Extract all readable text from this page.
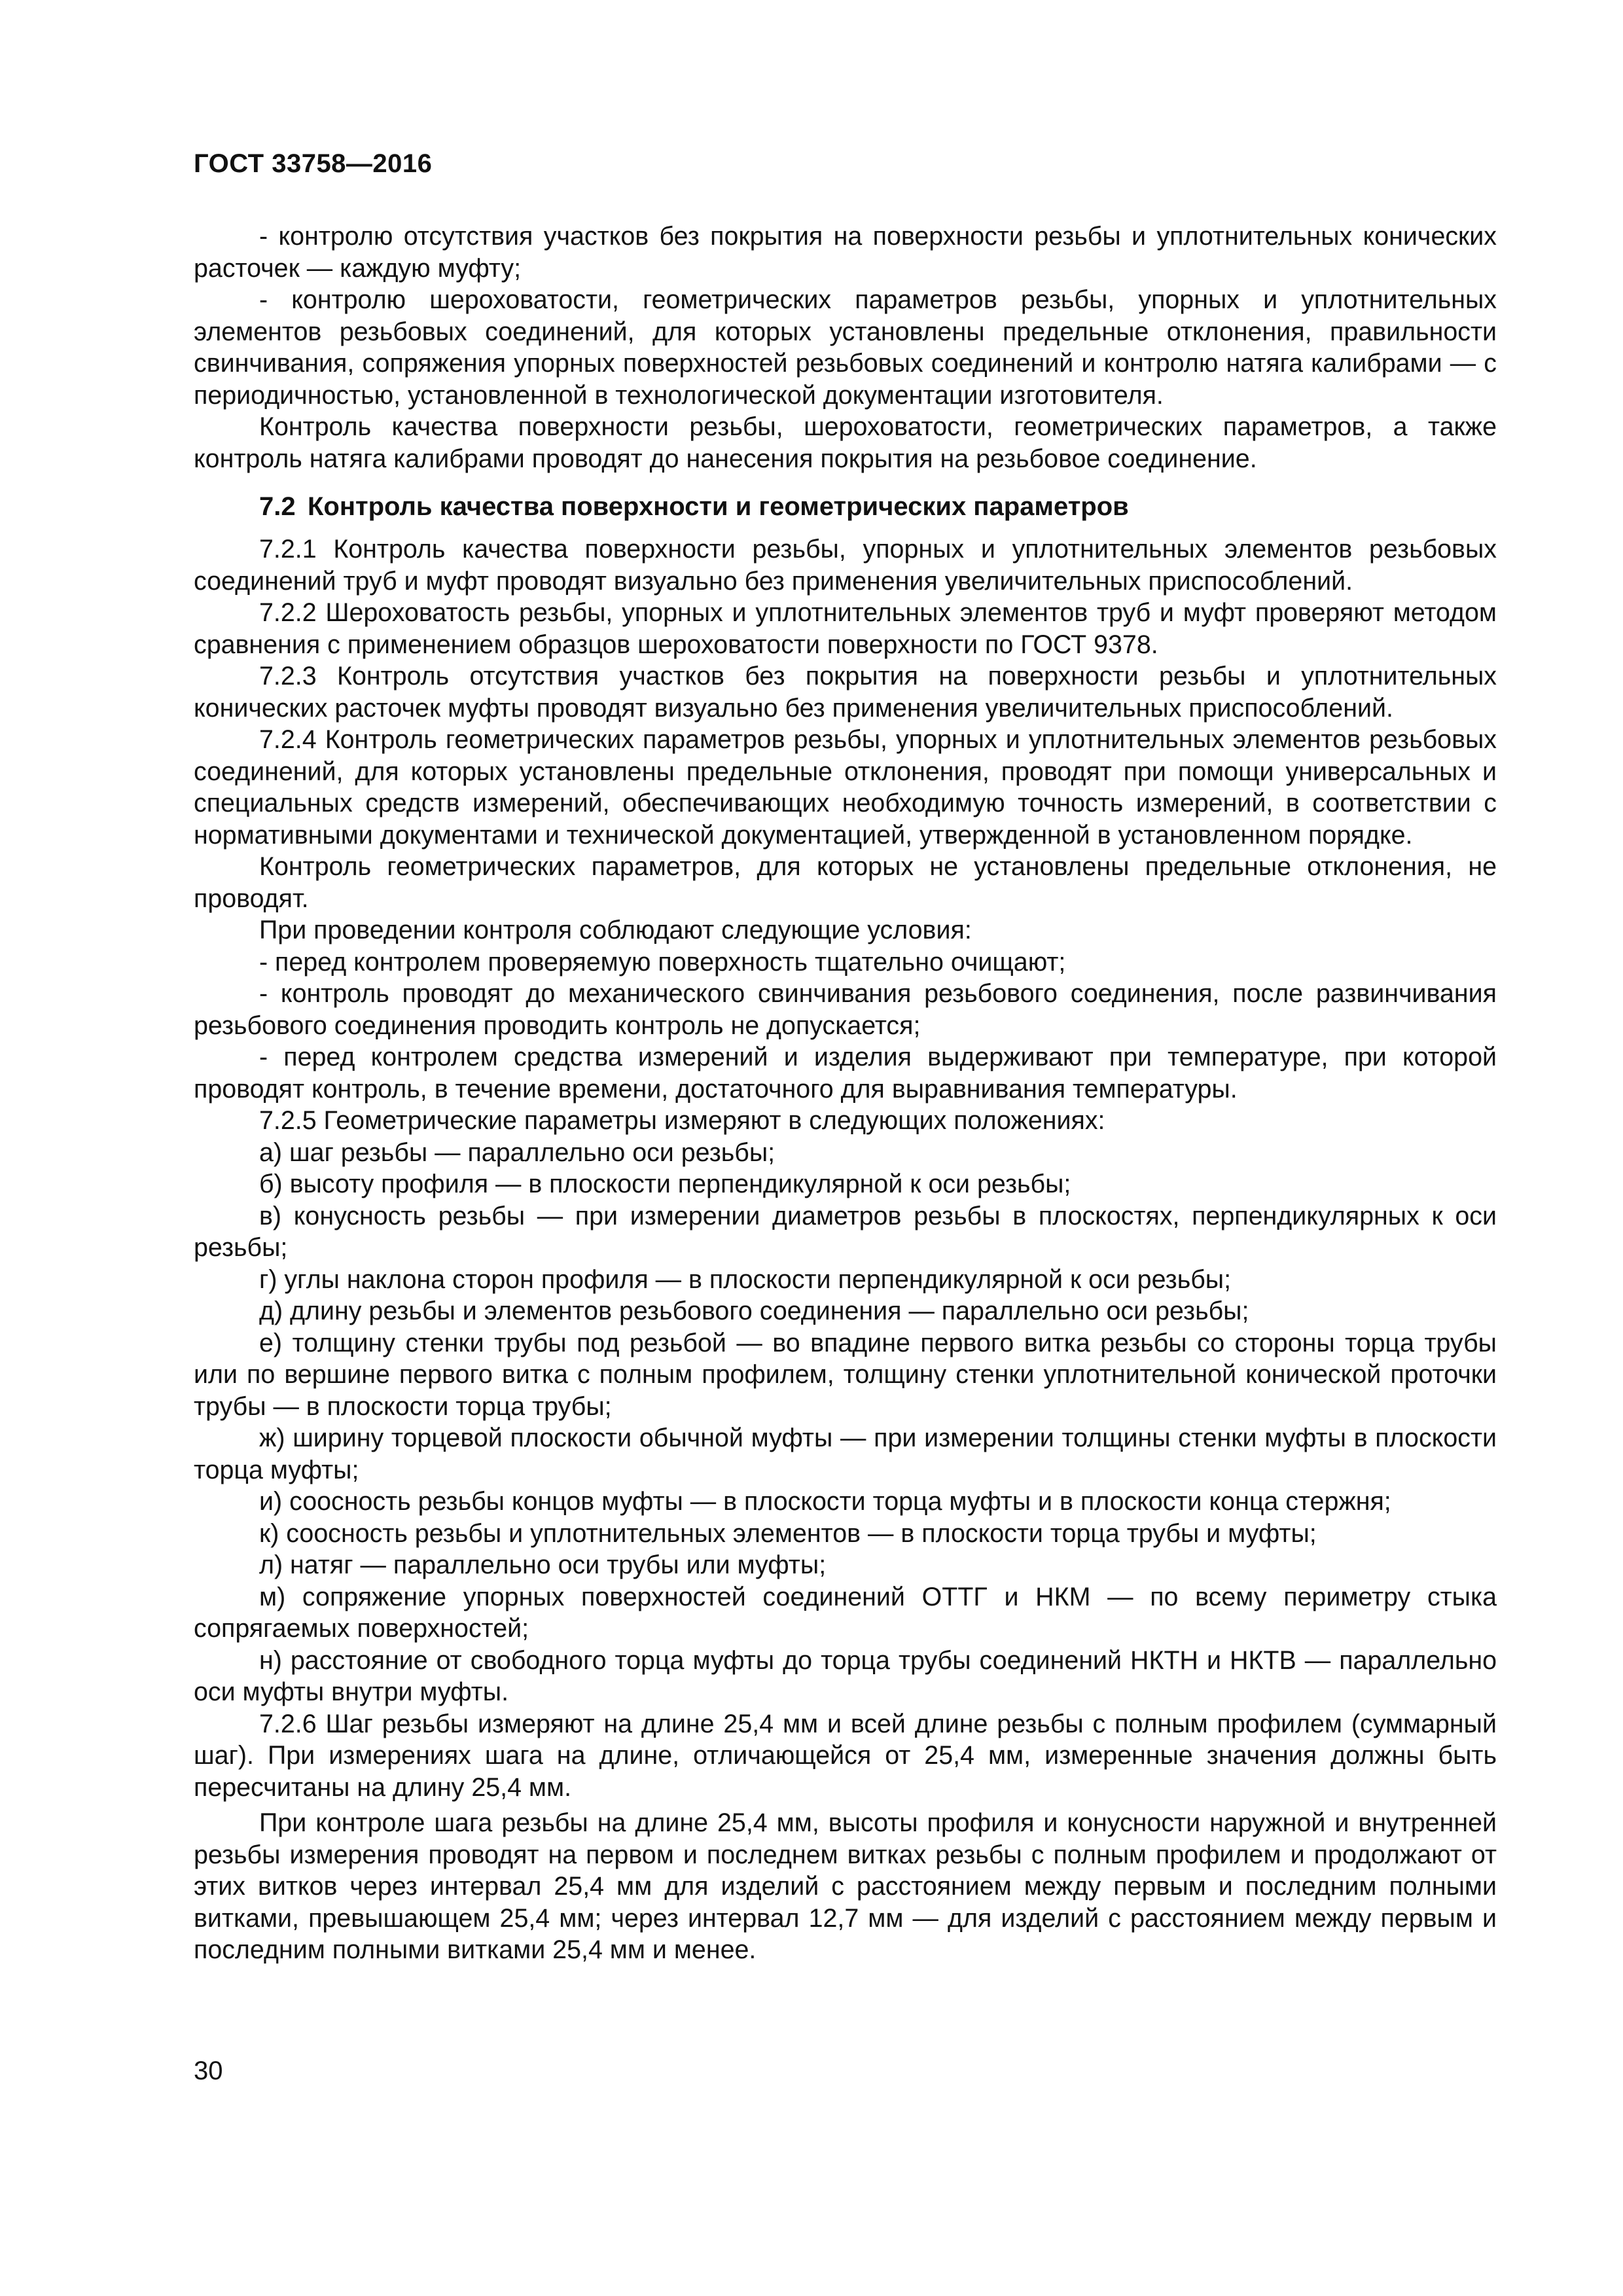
ГОСТ 33758—2016

- контролю отсутствия участков без покрытия на поверхности резьбы и уплотнительных конических расточек — каждую муфту;

- контролю шероховатости, геометрических параметров резьбы, упорных и уплотнительных элементов резьбовых соединений, для которых установлены предельные отклонения, правильности свинчивания, сопряжения упорных поверхностей резьбовых соединений и контролю натяга калибрами — с периодичностью, установленной в технологической документации изготовителя.

Контроль качества поверхности резьбы, шероховатости, геометрических параметров, а также контроль натяга калибрами проводят до нанесения покрытия на резьбовое соединение.

7.2 Контроль качества поверхности и геометрических параметров

7.2.1 Контроль качества поверхности резьбы, упорных и уплотнительных элементов резьбовых соединений труб и муфт проводят визуально без применения увеличительных приспособлений.

7.2.2 Шероховатость резьбы, упорных и уплотнительных элементов труб и муфт проверяют методом сравнения с применением образцов шероховатости поверхности по ГОСТ 9378.

7.2.3 Контроль отсутствия участков без покрытия на поверхности резьбы и уплотнительных конических расточек муфты проводят визуально без применения увеличительных приспособлений.

7.2.4 Контроль геометрических параметров резьбы, упорных и уплотнительных элементов резьбовых соединений, для которых установлены предельные отклонения, проводят при помощи универсальных и специальных средств измерений, обеспечивающих необходимую точность измерений, в соответствии с нормативными документами и технической документацией, утвержденной в установленном порядке.

Контроль геометрических параметров, для которых не установлены предельные отклонения, не проводят.

При проведении контроля соблюдают следующие условия:

- перед контролем проверяемую поверхность тщательно очищают;

- контроль проводят до механического свинчивания резьбового соединения, после развинчивания резьбового соединения проводить контроль не допускается;

- перед контролем средства измерений и изделия выдерживают при температуре, при которой проводят контроль, в течение времени, достаточного для выравнивания температуры.

7.2.5 Геометрические параметры измеряют в следующих положениях:

а) шаг резьбы — параллельно оси резьбы;

б) высоту профиля — в плоскости перпендикулярной к оси резьбы;

в) конусность резьбы — при измерении диаметров резьбы в плоскостях, перпендикулярных к оси резьбы;

г) углы наклона сторон профиля — в плоскости перпендикулярной к оси резьбы;

д) длину резьбы и элементов резьбового соединения — параллельно оси резьбы;

е) толщину стенки трубы под резьбой — во впадине первого витка резьбы со стороны торца трубы или по вершине первого витка с полным профилем, толщину стенки уплотнительной конической проточки трубы — в плоскости торца трубы;

ж) ширину торцевой плоскости обычной муфты — при измерении толщины стенки муфты в плоскости торца муфты;

и) соосность резьбы концов муфты — в плоскости торца муфты и в плоскости конца стержня;

к) соосность резьбы и уплотнительных элементов — в плоскости торца трубы и муфты;

л) натяг — параллельно оси трубы или муфты;

м) сопряжение упорных поверхностей соединений ОТТГ и НКМ — по всему периметру стыка сопрягаемых поверхностей;

н) расстояние от свободного торца муфты до торца трубы соединений НКТН и НКТВ — параллельно оси муфты внутри муфты.

7.2.6 Шаг резьбы измеряют на длине 25,4 мм и всей длине резьбы с полным профилем (суммарный шаг). При измерениях шага на длине, отличающейся от 25,4 мм, измеренные значения должны быть пересчитаны на длину 25,4 мм.

При контроле шага резьбы на длине 25,4 мм, высоты профиля и конусности наружной и внутренней резьбы измерения проводят на первом и последнем витках резьбы с полным профилем и продолжают от этих витков через интервал 25,4 мм для изделий с расстоянием между первым и последним полными витками, превышающем 25,4 мм; через интервал 12,7 мм — для изделий с расстоянием между первым и последним полными витками 25,4 мм и менее.

30
